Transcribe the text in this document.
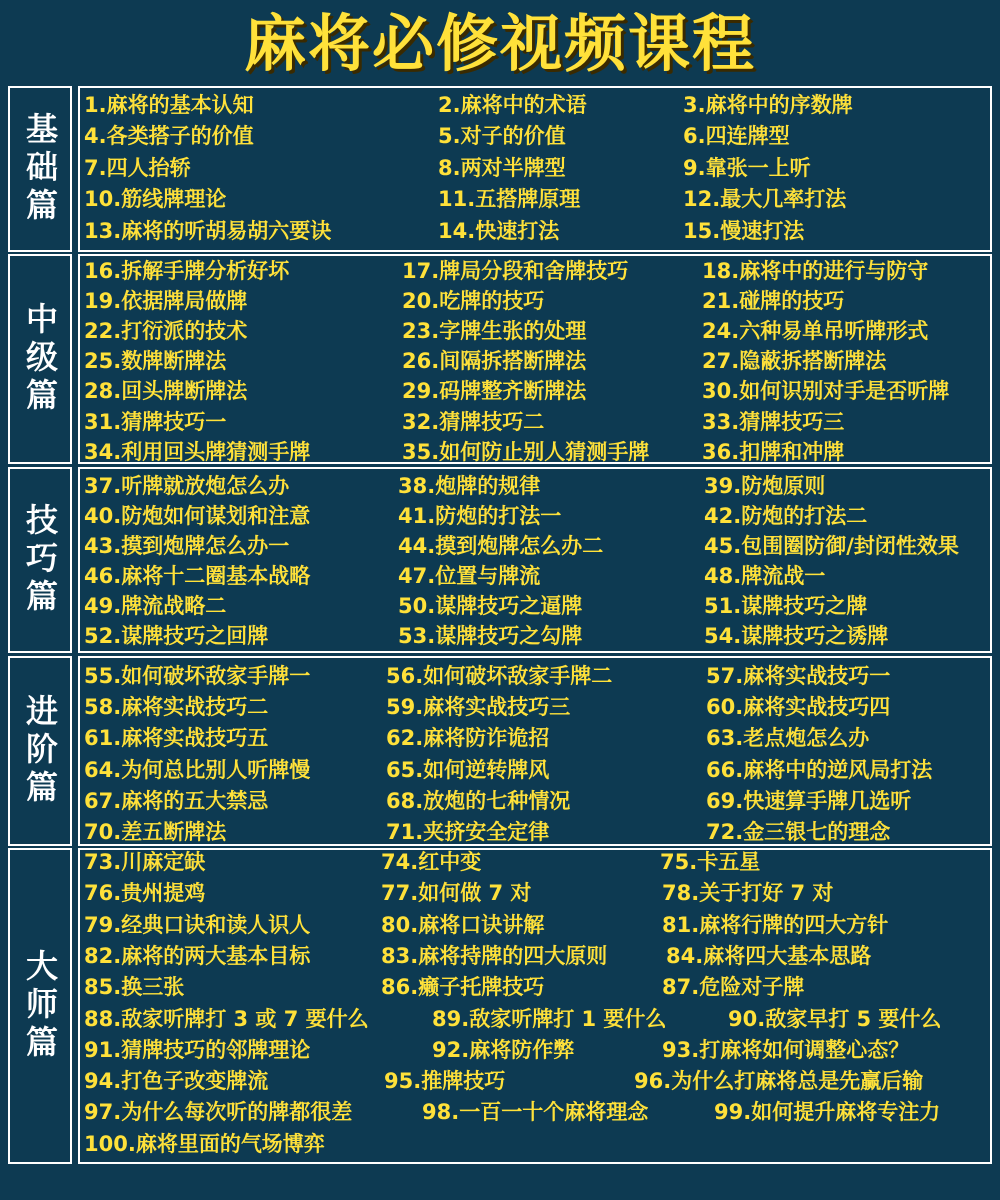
麻将必修视频课程
基础篇
中级篇
技巧篇
进阶篇
大师篇
1.麻将的基本认知	2.麻将中的术语	3.麻将中的序数牌
4.各类搭子的价值	5.对子的价值	6.四连牌型
7.四人抬轿	8.两对半牌型	9.靠张一上听
10.筋线牌理论	11.五搭牌原理	12.最大几率打法
13.麻将的听胡易胡六要诀	14.快速打法	15.慢速打法
16.拆解手牌分析好坏	17.牌局分段和舍牌技巧	18.麻将中的进行与防守
19.依据牌局做牌	20.吃牌的技巧	21.碰牌的技巧
22.打衍派的技术	23.字牌生张的处理	24.六种易单吊听牌形式
25.数牌断牌法	26.间隔拆搭断牌法	27.隐蔽拆搭断牌法
28.回头牌断牌法	29.码牌整齐断牌法	30.如何识别对手是否听牌
31.猜牌技巧一	32.猜牌技巧二	33.猜牌技巧三
34.利用回头牌猜测手牌	35.如何防止别人猜测手牌	36.扣牌和冲牌
37.听牌就放炮怎么办	38.炮牌的规律	39.防炮原则
40.防炮如何谋划和注意	41.防炮的打法一	42.防炮的打法二
43.摸到炮牌怎么办一	44.摸到炮牌怎么办二	45.包围圈防御/封闭性效果
46.麻将十二圈基本战略	47.位置与牌流	48.牌流战一
49.牌流战略二	50.谋牌技巧之逼牌	51.谋牌技巧之牌
52.谋牌技巧之回牌	53.谋牌技巧之勾牌	54.谋牌技巧之诱牌
55.如何破坏敌家手牌一	56.如何破坏敌家手牌二	57.麻将实战技巧一
58.麻将实战技巧二	59.麻将实战技巧三	60.麻将实战技巧四
61.麻将实战技巧五	62.麻将防诈诡招	63.老点炮怎么办
64.为何总比别人听牌慢	65.如何逆转牌风	66.麻将中的逆风局打法
67.麻将的五大禁忌	68.放炮的七种情况	69.快速算手牌几选听
70.差五断牌法	71.夹挤安全定律	72.金三银七的理念
73.川麻定缺	74.红中变	75.卡五星
76.贵州提鸡	77.如何做 7 对	78.关于打好 7 对
79.经典口诀和读人识人	80.麻将口诀讲解	81.麻将行牌的四大方针
82.麻将的两大基本目标	83.麻将持牌的四大原则	84.麻将四大基本思路
85.换三张	86.癞子托牌技巧	87.危险对子牌
88.敌家听牌打 3 或 7 要什么	89.敌家听牌打 1 要什么	90.敌家早打 5 要什么
91.猜牌技巧的邻牌理论	92.麻将防作弊	93.打麻将如何调整心态？
94.打色子改变牌流	95.推牌技巧	96.为什么打麻将总是先赢后输
97.为什么每次听的牌都很差	98.一百一十个麻将理念	99.如何提升麻将专注力
100.麻将里面的气场博弈
